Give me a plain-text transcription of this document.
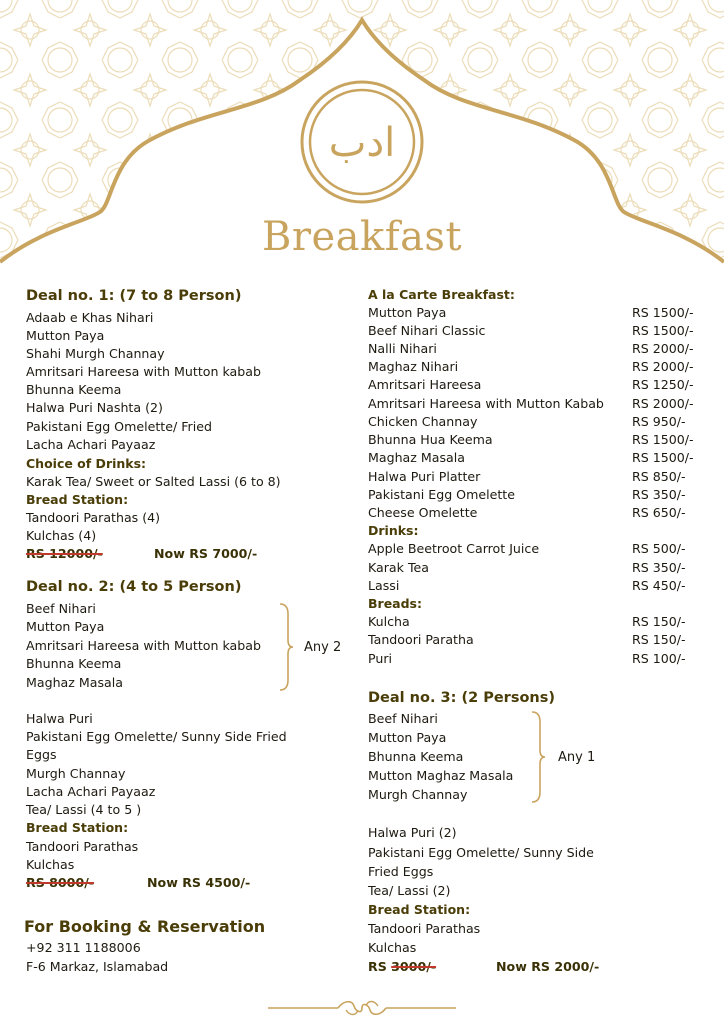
ادب
Breakfast
Deal no. 1: (7 to 8 Person)
Adaab e Khas Nihari
Mutton Paya
Shahi Murgh Channay
Amritsari Hareesa with Mutton kabab
Bhunna Keema
Halwa Puri Nashta (2)
Pakistani Egg Omelette/ Fried
Lacha Achari Payaaz
Choice of Drinks:
Karak Tea/ Sweet or Salted Lassi (6 to 8)
Bread Station:
Tandoori Parathas (4)
Kulchas (4)
RS 12000/-	Now RS 7000/-
Deal no. 2: (4 to 5 Person)
Beef Nihari
Mutton Paya
Amritsari Hareesa with Mutton kabab
Bhunna Keema
Maghaz Masala
Any 2
Halwa Puri
Pakistani Egg Omelette/ Sunny Side Fried
Eggs
Murgh Channay
Lacha Achari Payaaz
Tea/ Lassi (4 to 5 )
Bread Station:
Tandoori Parathas
Kulchas
RS 8000/-	Now RS 4500/-
For Booking & Reservation
+92 311 1188006
F-6 Markaz, Islamabad
A la Carte Breakfast:
Mutton Paya	RS 1500/-
Beef Nihari Classic	RS 1500/-
Nalli Nihari	RS 2000/-
Maghaz Nihari	RS 2000/-
Amritsari Hareesa	RS 1250/-
Amritsari Hareesa with Mutton Kabab RS 2000/-
Chicken Channay	RS 950/-
Bhunna Hua Keema	RS 1500/-
Maghaz Masala	RS 1500/-
Halwa Puri Platter	RS 850/-
Pakistani Egg Omelette	RS 350/-
Cheese Omelette	RS 650/-
Drinks:
Apple Beetroot Carrot Juice	RS 500/-
Karak Tea	RS 350/-
Lassi	RS 450/-
Breads:
Kulcha	RS 150/-
Tandoori Paratha	RS 150/-
Puri	RS 100/-
Deal no. 3: (2 Persons)
Beef Nihari
Mutton Paya
Bhunna Keema
Mutton Maghaz Masala
Murgh Channay
Any 1
Halwa Puri (2)
Pakistani Egg Omelette/ Sunny Side
Fried Eggs
Tea/ Lassi (2)
Bread Station:
Tandoori Parathas
Kulchas
RS 3000/-	Now RS 2000/-
